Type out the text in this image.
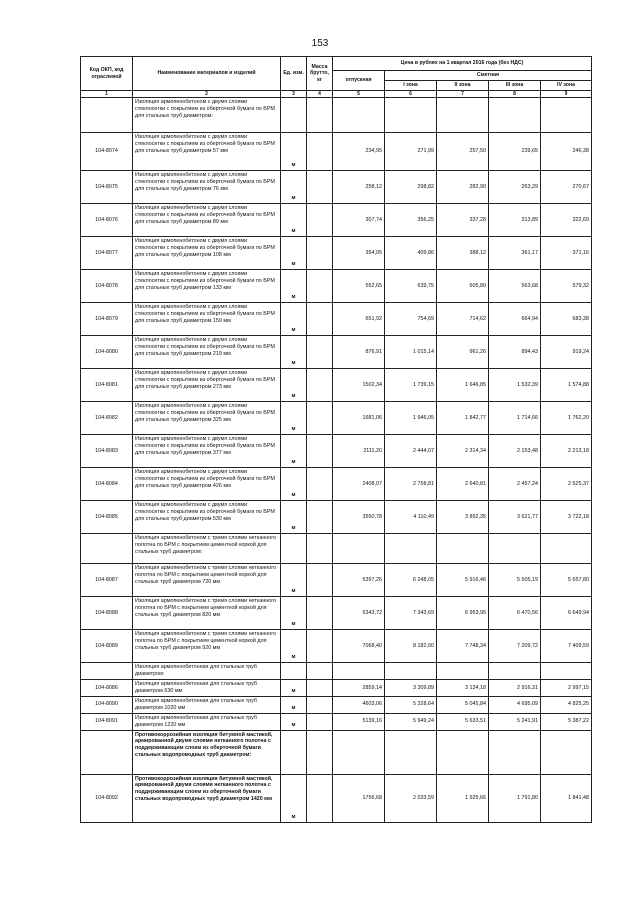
153
Код ОКП, код отраслевой	Наименование материалов и изделий	Ед. изм.	Масса брутто, кг	Цена в рублях на 1 квартал 2016 года (без НДС)				
				отпускная	Сметная			
					I зона	II зона	III зона	IV зона
1	2	3	4	5	6	7	8	9
	Изоляция армопенобетоном с двумя слоями стеклосетки с покрытием из оберточной бумаги по БРМ для стальных труб диаметром:							
104-8074	Изоляция армопенобетоном с двумя слоями стеклосетки с покрытием из оберточной бумаги по БРМ для стальных труб диаметром 57 мм	м		234,95	271,99	257,50	239,65	246,38
104-8075	Изоляция армопенобетоном с двумя слоями стеклосетки с покрытием из оберточной бумаги по БРМ для стальных труб диаметром 76 мм	м		258,12	298,82	282,90	263,29	270,67
104-8076	Изоляция армопенобетоном с двумя слоями стеклосетки с покрытием из оберточной бумаги по БРМ для стальных труб диаметром 89 мм	м		307,74	356,25	337,28	313,89	322,69
104-8077	Изоляция армопенобетоном с двумя слоями стеклосетки с покрытием из оберточной бумаги по БРМ для стальных труб диаметром 108 мм	м		354,05	409,86	388,12	361,17	371,16
104-8078	Изоляция армопенобетоном с двумя слоями стеклосетки с покрытием из оберточной бумаги по БРМ для стальных труб диаметром 133 мм	м		552,65	639,75	605,80	563,68	579,32
104-8079	Изоляция армопенобетоном с двумя слоями стеклосетки с покрытием из оберточной бумаги по БРМ для стальных труб диаметром 159 мм	м		651,92	754,69	714,62	664,94	683,38
104-8080	Изоляция армопенобетоном с двумя слоями стеклосетки с покрытием из оберточной бумаги по БРМ для стальных труб диаметром 219 мм	м		876,91	1 015,14	961,26	894,43	919,24
104-8081	Изоляция армопенобетоном с двумя слоями стеклосетки с покрытием из оберточной бумаги по БРМ для стальных труб диаметром 273 мм	м		1502,34	1 739,15	1 646,85	1 532,39	1 574,88
104-8082	Изоляция армопенобетоном с двумя слоями стеклосетки с покрытием из оберточной бумаги по БРМ для стальных труб диаметром 325 мм	м		1681,06	1 946,05	1 842,77	1 714,66	1 762,20
104-8083	Изоляция армопенобетоном с двумя слоями стеклосетки с покрытием из оберточной бумаги по БРМ для стальных труб диаметром 377 мм	м		2111,20	2 444,07	2 314,34	2 153,48	2 213,18
104-8084	Изоляция армопенобетоном с двумя слоями стеклосетки с покрытием из оберточной бумаги по БРМ для стальных труб диаметром 426 мм	м		2408,07	2 758,81	2 640,81	2 457,24	2 525,37
104-8085	Изоляция армопенобетоном с двумя слоями стеклосетки с покрытием из оберточной бумаги по БРМ для стальных труб диаметром 530 мм	м		3550,78	4 110,49	3 892,35	3 621,77	3 722,18
	Изоляция армопенобетоном с тремя слоями нетканного полотна по БРМ с покрытием цементной коркой для стальных труб диаметром:							
104-8087	Изоляция армопенобетоном с тремя слоями нетканного полотна по БРМ с покрытием цементной коркой для стальных труб диаметром 720 мм	м		5397,26	6 248,05	5 916,46	5 505,19	5 657,80
104-8088	Изоляция армопенобетоном с тремя слоями нетканного полотна по БРМ с покрытием цементной коркой для стальных труб диаметром 820 мм	м		6343,72	7 343,69	6 953,95	6 470,56	6 649,94
104-8089	Изоляция армопенобетоном с тремя слоями нетканного полотна по БРМ с покрытием цементной коркой для стальных труб диаметром 920 мм	м		7068,40	8 182,60	7 748,34	7 209,72	7 409,59
	Изоляция армопенобетонная для стальных труб диаметром:							
104-8086	Изоляция армопенобетонная для стальных труб диаметром 630 мм	м		2859,14	3 309,89	3 134,18	2 916,31	2 997,15
104-8090	Изоляция армопенобетонная для стальных труб диаметром 1020 мм	м		4603,06	5 328,64	5 045,84	4 695,09	4 825,25
104-8091	Изоляция армопенобетонная для стальных труб диаметром 1220 мм	м		5139,16	5 949,24	5 633,51	5 241,91	5 387,22
	Противокоррозийная изоляция битумной мастикой, армированной двумя слоями нетканного полотна с поддерживающим слоем из оберточной бумаги стальных водопроводных труб диаметром:							
104-8092	Противокоррозийная изоляция битумной мастикой, армированной двумя слоями нетканного полотна с поддерживающим слоем из оберточной бумаги стальных водопроводных труб диаметром 1420 мм	м		1756,68	2 033,59	1 925,66	1 791,80	1 841,48
